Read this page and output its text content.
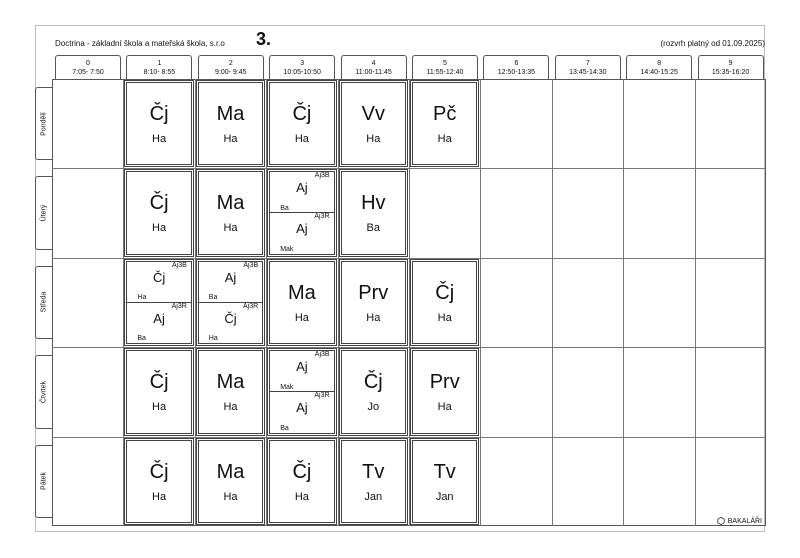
Doctrina - základní škola a mateřská škola, s.r.o 3.	(rozvrh platný od 01.09.2025)
0
7:05- 7:50
1
8:10- 8:55
2
9:00- 9:45
3
10:05-10:50
4
11:00-11:45
5
11:55-12:40
6
12:50-13:35
7
13:45-14:30
8
14:40-15:25
9
15:35-16:20
Pondělí
Úterý
Středa
Čtvrtek
Pátek
Čj
Ha
Ma
Ha
Čj
Ha
Vv
Ha
Pč
Ha
Čj
Ha
Ma
Ha
Aj3B
Aj
Ba
Aj3R
Aj
Mak
Hv
Ba
Aj3B
Čj
Ha
Aj3R
Aj
Ba
Aj3B
Aj
Ba
Aj3R
Čj
Ha
Ma
Ha
Prv
Ha
Čj
Ha
Čj
Ha
Ma
Ha
Aj3B
Aj
Mak
Aj3R
Aj
Ba
Čj
Jo
Prv
Ha
Čj
Ha
Ma
Ha
Čj
Ha
Tv
Jan
Tv
Jan
BAKALÁŘI
